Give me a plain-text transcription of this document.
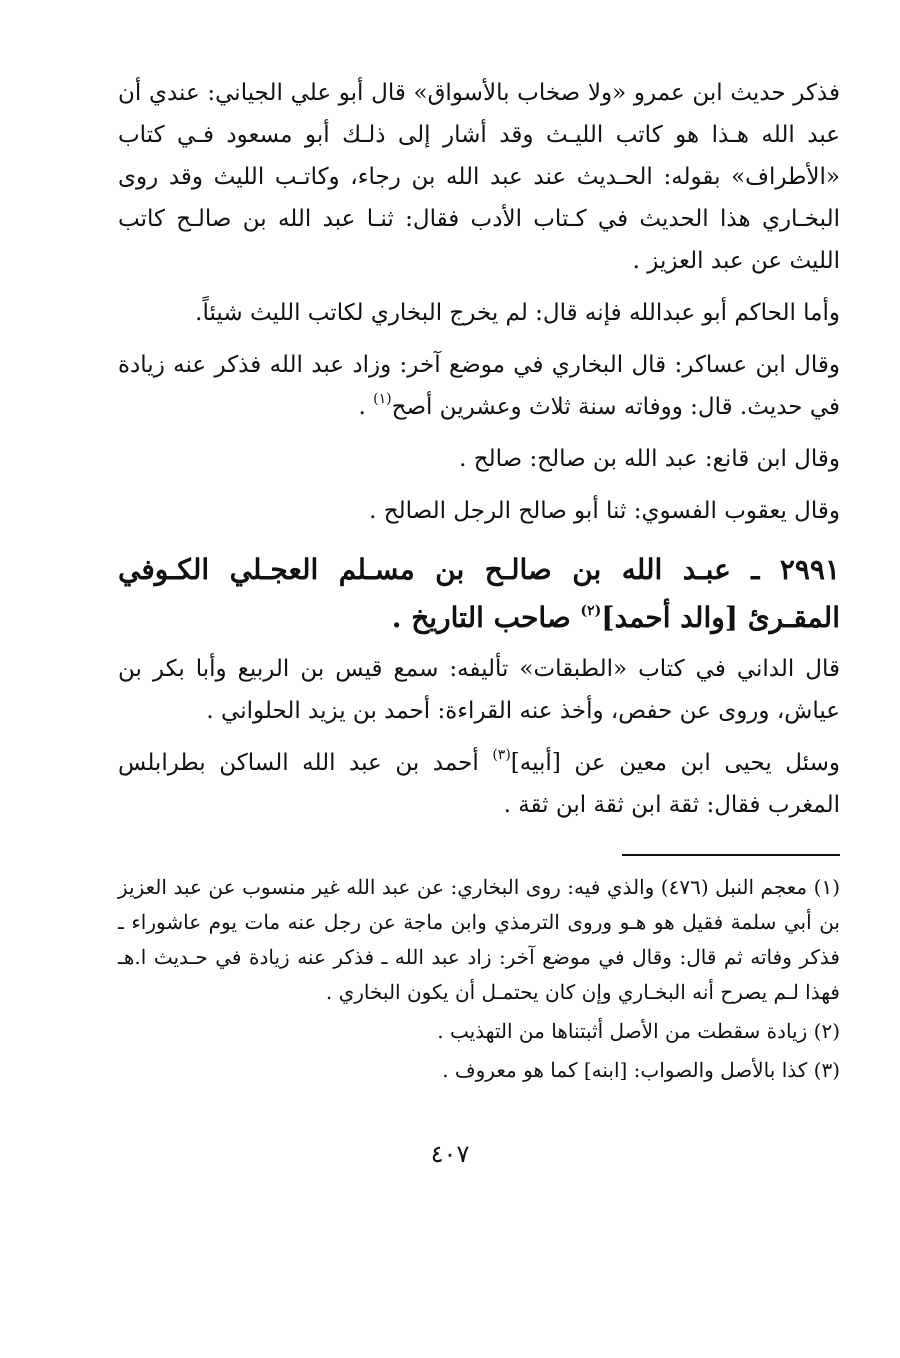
فذكر حديث ابن عمرو «ولا صخاب بالأسواق» قال أبو علي الجياني: عندي أن عبد الله هـذا هو كاتب الليـث وقد أشار إلى ذلـك أبو مسعود فـي كتاب «الأطراف» بقوله: الحـديث عند عبد الله بن رجاء، وكاتـب الليث وقد روى البخـاري هذا الحديث في كـتاب الأدب فقال: ثنـا عبد الله بن صالـح كاتب الليث عن عبد العزيز .

وأما الحاكم أبو عبدالله فإنه قال: لم يخرج البخاري لكاتب الليث شيئاً.

وقال ابن عساكر: قال البخاري في موضع آخر: وزاد عبد الله فذكر عنه زيادة في حديث. قال: ووفاته سنة ثلاث وعشرين أصح$^{(١)}$ .

وقال ابن قانع: عبد الله بن صالح: صالح .

وقال يعقوب الفسوي: ثنا أبو صالح الرجل الصالح .

٢٩٩١ ـ عبـد الله بن صالـح بن مسـلم العجـلي الكـوفي المقـرئ [والد أحمد]$^{(٢)}$ صاحب التاريخ .

قال الداني في كتاب «الطبقات» تأليفه: سمع قيس بن الربيع وأبا بكر بن عياش، وروى عن حفص، وأخذ عنه القراءة: أحمد بن يزيد الحلواني .

وسئل يحيى ابن معين عن [أبيه]$^{(٣)}$ أحمد بن عبد الله الساكن بطرابلس المغرب فقال: ثقة ابن ثقة ابن ثقة .

(١) معجم النبل (٤٧٦) والذي فيه: روى البخاري: عن عبد الله غير منسوب عن عبد العزيز بن أبي سلمة فقيل هو هـو وروى الترمذي وابن ماجة عن رجل عنه مات يوم عاشوراء ـ فذكر وفاته ثم قال: وقال في موضع آخر: زاد عبد الله ـ فذكر عنه زيادة في حـديث ا.هـ فهذا لـم يصرح أنه البخـاري وإن كان يحتمـل أن يكون البخاري .

(٢) زيادة سقطت من الأصل أثبتناها من التهذيب .

(٣) كذا بالأصل والصواب: [ابنه] كما هو معروف .

٤٠٧
